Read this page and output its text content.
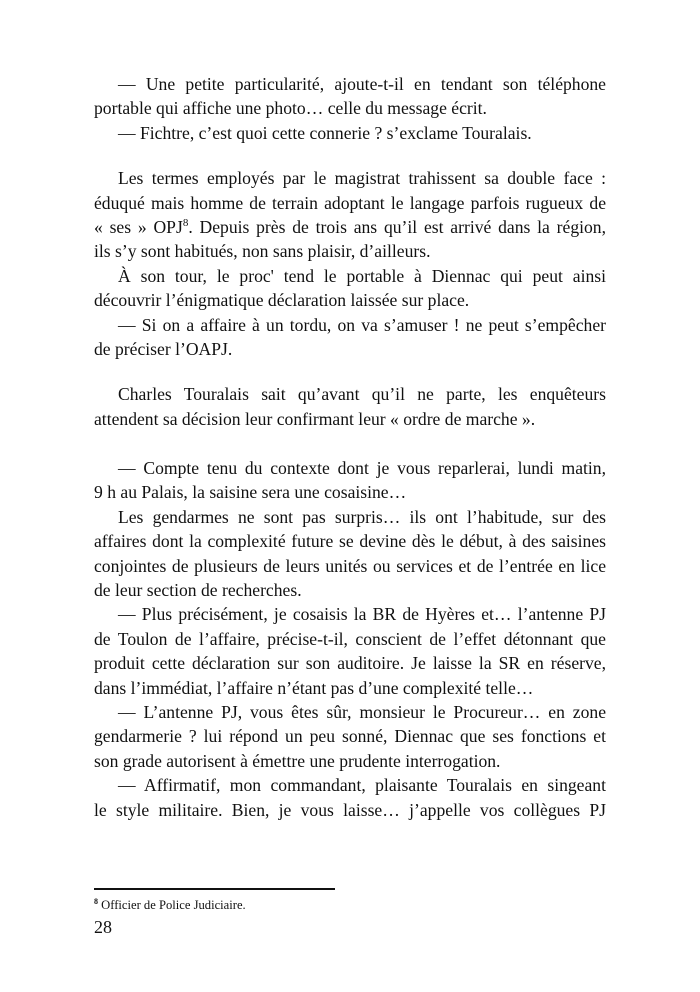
— Une petite particularité, ajoute-t-il en tendant son téléphone
portable qui affiche une photo… celle du message écrit.
— Fichtre, c’est quoi cette connerie ? s’exclame Touralais.
Les termes employés par le magistrat trahissent sa double face :
éduqué mais homme de terrain adoptant le langage parfois rugueux de
« ses » OPJ$^8$. Depuis près de trois ans qu’il est arrivé dans la région,
ils s’y sont habitués, non sans plaisir, d’ailleurs.
À son tour, le proc' tend le portable à Diennac qui peut ainsi
découvrir l’énigmatique déclaration laissée sur place.
— Si on a affaire à un tordu, on va s’amuser ! ne peut s’empêcher
de préciser l’OAPJ.
Charles Touralais sait qu’avant qu’il ne parte, les enquêteurs
attendent sa décision leur confirmant leur « ordre de marche ».
— Compte tenu du contexte dont je vous reparlerai, lundi matin,
9 h au Palais, la saisine sera une cosaisine…
Les gendarmes ne sont pas surpris… ils ont l’habitude, sur des
affaires dont la complexité future se devine dès le début, à des saisines
conjointes de plusieurs de leurs unités ou services et de l’entrée en lice
de leur section de recherches.
— Plus précisément, je cosaisis la BR de Hyères et… l’antenne PJ
de Toulon de l’affaire, précise-t-il, conscient de l’effet détonnant que
produit cette déclaration sur son auditoire. Je laisse la SR en réserve,
dans l’immédiat, l’affaire n’étant pas d’une complexité telle…
— L’antenne PJ, vous êtes sûr, monsieur le Procureur… en zone
gendarmerie ? lui répond un peu sonné, Diennac que ses fonctions et
son grade autorisent à émettre une prudente interrogation.
— Affirmatif, mon commandant, plaisante Touralais en singeant
le style militaire. Bien, je vous laisse… j’appelle vos collègues PJ
$^8$ Officier de Police Judiciaire.
28
